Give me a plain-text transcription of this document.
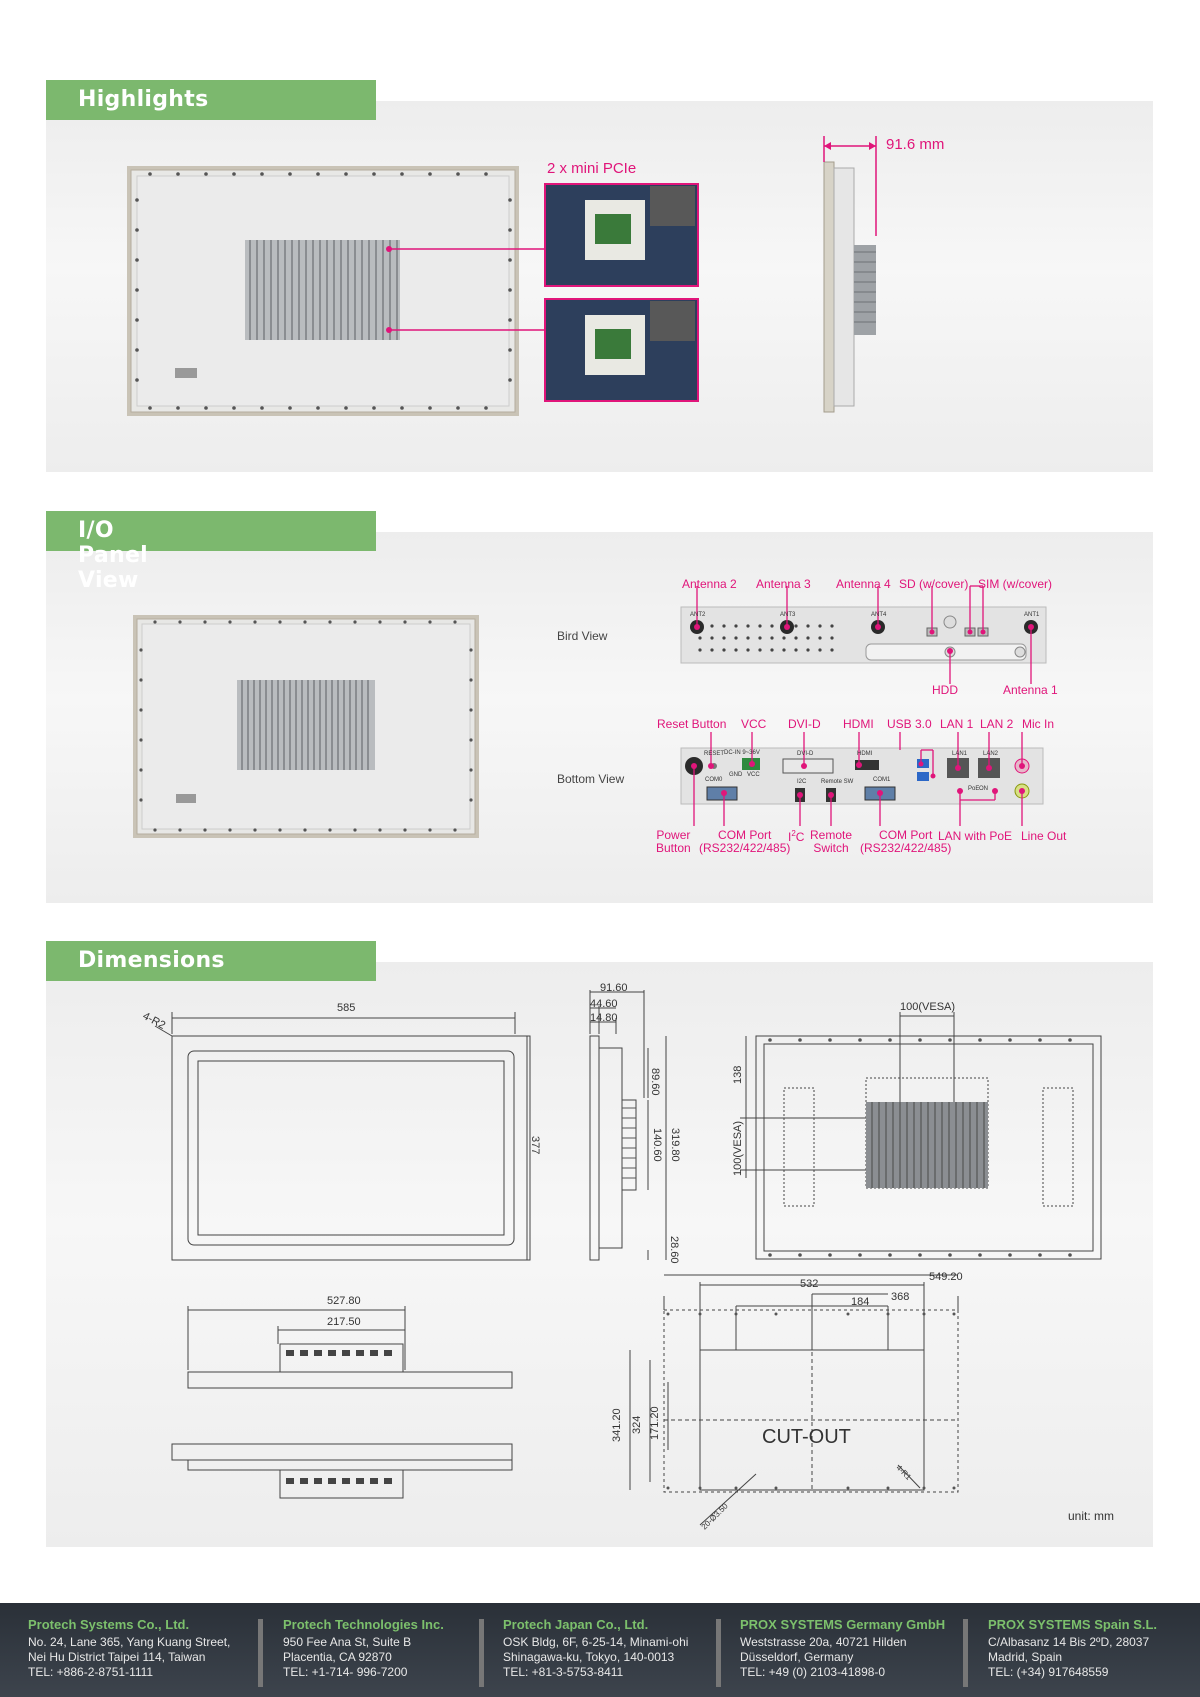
Highlights
2 x mini PCIe
91.6 mm
I/O Panel View
ANT2	ANT3	ANT4	ANT1
RESET DC-IN 9~36V
GND VCC
DVI-D	HDMI	LAN1	LAN2
COM0	I2C Remote SW	COM1
PoE ON
Bird View
Bottom View
Antenna 2 Antenna 3 Antenna 4 SD (w/cover) SIM (w/cover)
HDD	Antenna 1
Reset Button VCC DVI-D HDMI USB 3.0 LAN 1 LAN 2 Mic In
Power
Button
COM Port
(RS232/422/485)
$I^2C$ Remote
Switch
COM Port
(RS232/422/485)
LAN with PoE Line Out
Dimensions
4-R2
585
377
91.60
44.60
14.80
89.60
140.60 319.80
28.60
100(VESA)
138
100(VESA)
527.80
217.50
532
549.20
184 368
341.20 324 171.20	CUT-OUT
4-R1
20-Ø3.50	unit: mm
Protech Systems Co., Ltd.
No. 24, Lane 365, Yang Kuang Street,
Nei Hu District Taipei 114, Taiwan
TEL: +886-2-8751-1111
Protech Technologies Inc.
950 Fee Ana St, Suite B
Placentia, CA 92870
TEL: +1-714- 996-7200
Protech Japan Co., Ltd.
OSK Bldg, 6F, 6-25-14, Minami-ohi
Shinagawa-ku, Tokyo, 140-0013
TEL: +81-3-5753-8411
PROX SYSTEMS Germany GmbH
Weststrasse 20a, 40721 Hilden
Düsseldorf, Germany
TEL: +49 (0) 2103-41898-0
PROX SYSTEMS Spain S.L.
C/Albasanz 14 Bis 2ºD, 28037
Madrid, Spain
TEL: (+34) 917648559
